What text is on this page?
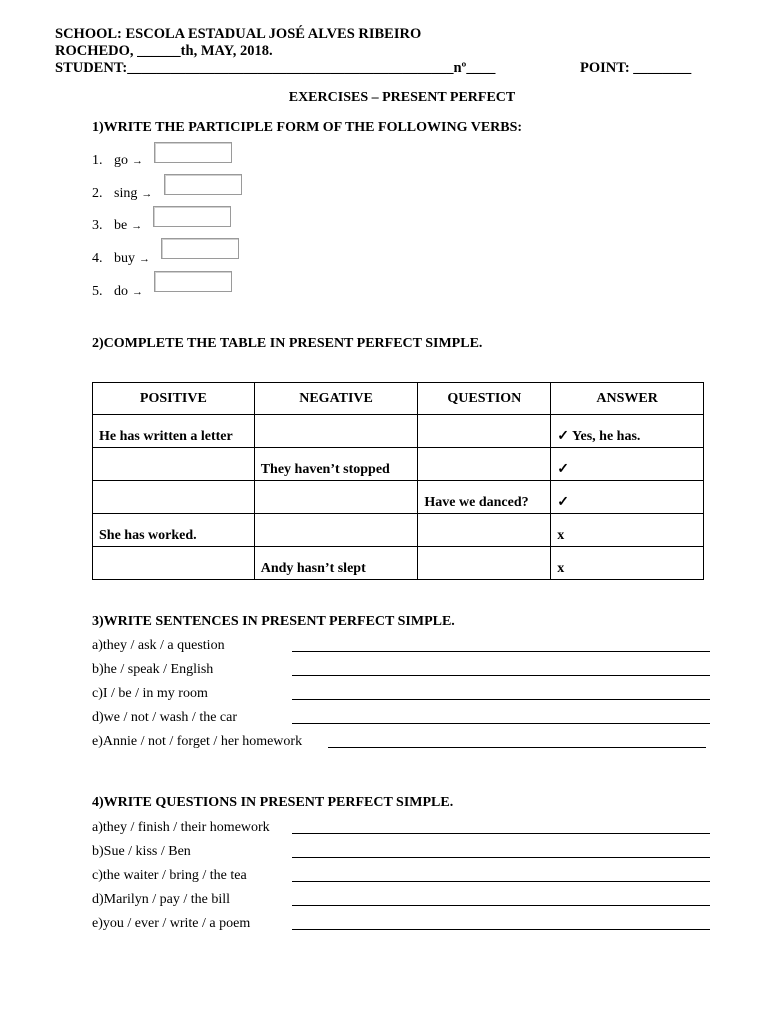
SCHOOL: ESCOLA ESTADUAL JOSÉ ALVES RIBEIRO
ROCHEDO, ______th, MAY, 2018.
STUDENT:_____________________________________________nº____	POINT: ________
EXERCISES – PRESENT PERFECT
1)WRITE THE PARTICIPLE FORM OF THE FOLLOWING VERBS:
1. go →
2. sing →
3. be →
4. buy →
5. do →
2)COMPLETE THE TABLE IN PRESENT PERFECT SIMPLE.
POSITIVE	NEGATIVE	QUESTION	ANSWER
He has written a letter			✓ Yes, he has.
	They haven’t stopped		✓
		Have we danced?	✓
She has worked.			x
	Andy hasn’t slept		x
3)WRITE SENTENCES IN PRESENT PERFECT SIMPLE.
a)they / ask / a question
b)he / speak / English
c)I / be / in my room
d)we / not / wash / the car
e)Annie / not / forget / her homework
4)WRITE QUESTIONS IN PRESENT PERFECT SIMPLE.
a)they / finish / their homework
b)Sue / kiss / Ben
c)the waiter / bring / the tea
d)Marilyn / pay / the bill
e)you / ever / write / a poem
